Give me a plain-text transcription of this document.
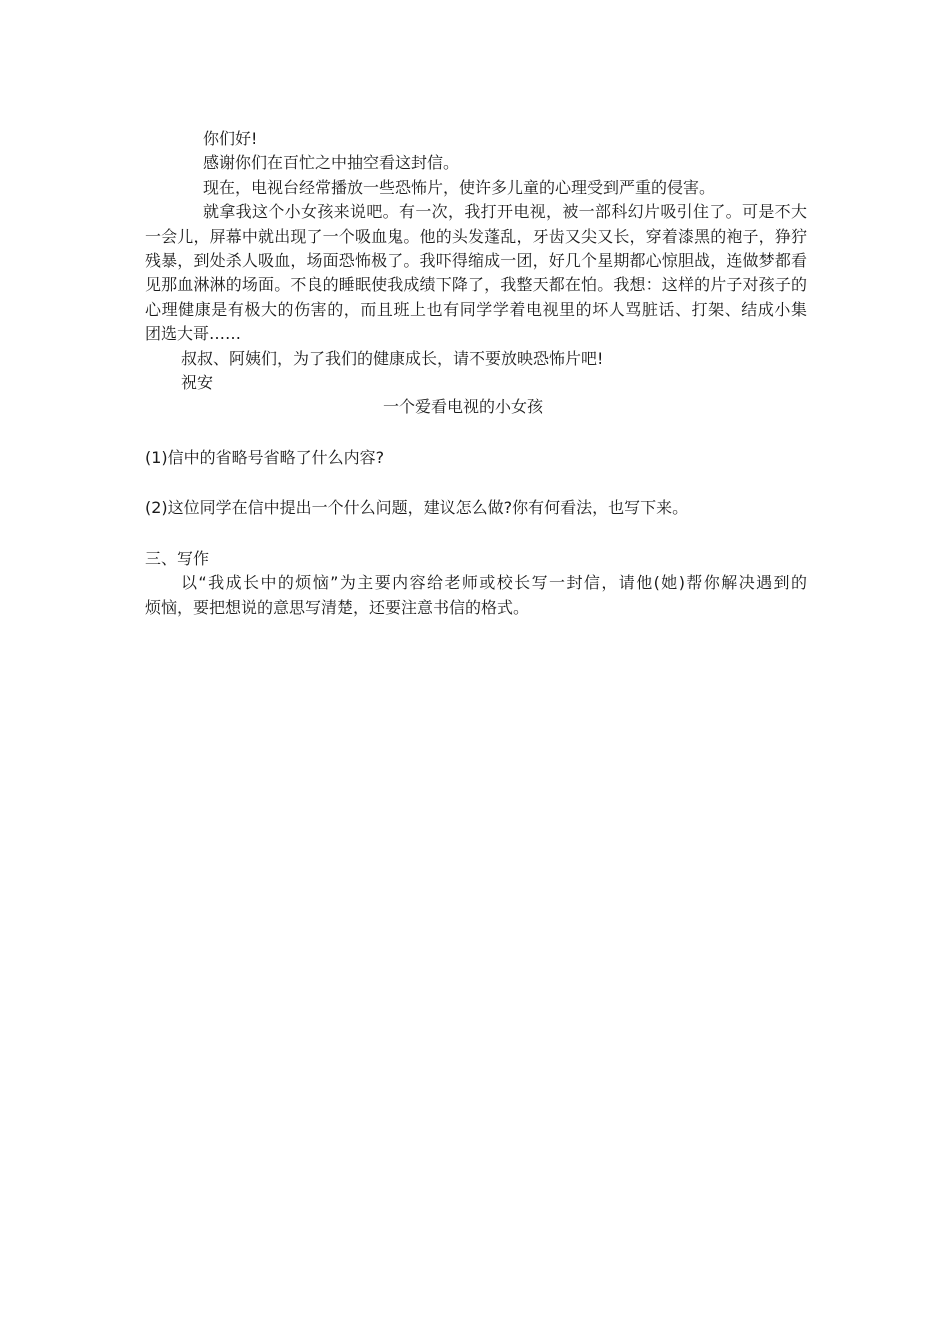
你们好!

感谢你们在百忙之中抽空看这封信。

现在，电视台经常播放一些恐怖片，使许多儿童的心理受到严重的侵害。

就拿我这个小女孩来说吧。有一次，我打开电视，被一部科幻片吸引住了。可是不大

一会儿，屏幕中就出现了一个吸血鬼。他的头发蓬乱，牙齿又尖又长，穿着漆黑的袍子，狰狞

残暴，到处杀人吸血，场面恐怖极了。我吓得缩成一团，好几个星期都心惊胆战，连做梦都看

见那血淋淋的场面。不良的睡眠使我成绩下降了，我整天都在怕。我想：这样的片子对孩子的

心理健康是有极大的伤害的，而且班上也有同学学着电视里的坏人骂脏话、打架、结成小集

团选大哥……

叔叔、阿姨们，为了我们的健康成长，请不要放映恐怖片吧!

祝安

一个爱看电视的小女孩

(1)信中的省略号省略了什么内容?

(2)这位同学在信中提出一个什么问题，建议怎么做?你有何看法，也写下来。

三、写作

以“我成长中的烦恼”为主要内容给老师或校长写一封信，请他(她)帮你解决遇到的

烦恼，要把想说的意思写清楚，还要注意书信的格式。
